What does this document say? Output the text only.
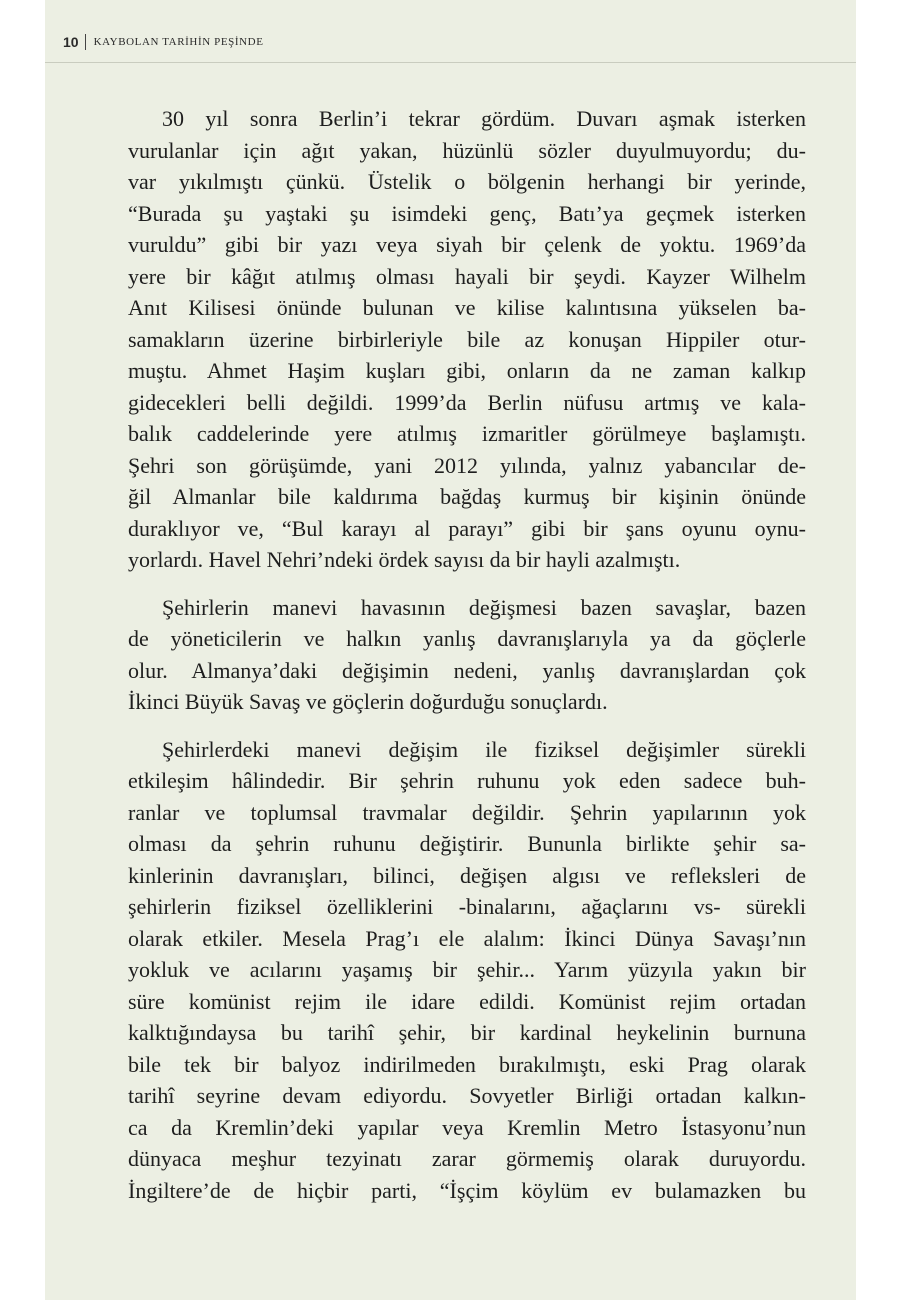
10 KAYBOLAN TARİHİN PEŞİNDE
30 yıl sonra Berlin’i tekrar gördüm. Duvarı aşmak isterken
vurulanlar için ağıt yakan, hüzünlü sözler duyulmuyordu; du-
var yıkılmıştı çünkü. Üstelik o bölgenin herhangi bir yerinde,
“Burada şu yaştaki şu isimdeki genç, Batı’ya geçmek isterken
vuruldu” gibi bir yazı veya siyah bir çelenk de yoktu. 1969’da
yere bir kâğıt atılmış olması hayali bir şeydi. Kayzer Wilhelm
Anıt Kilisesi önünde bulunan ve kilise kalıntısına yükselen ba-
samakların üzerine birbirleriyle bile az konuşan Hippiler otur-
muştu. Ahmet Haşim kuşları gibi, onların da ne zaman kalkıp
gidecekleri belli değildi. 1999’da Berlin nüfusu artmış ve kala-
balık caddelerinde yere atılmış izmaritler görülmeye başlamıştı.
Şehri son görüşümde, yani 2012 yılında, yalnız yabancılar de-
ğil Almanlar bile kaldırıma bağdaş kurmuş bir kişinin önünde
duraklıyor ve, “Bul karayı al parayı” gibi bir şans oyunu oynu-
yorlardı. Havel Nehri’ndeki ördek sayısı da bir hayli azalmıştı.
Şehirlerin manevi havasının değişmesi bazen savaşlar, bazen
de yöneticilerin ve halkın yanlış davranışlarıyla ya da göçlerle
olur. Almanya’daki değişimin nedeni, yanlış davranışlardan çok
İkinci Büyük Savaş ve göçlerin doğurduğu sonuçlardı.
Şehirlerdeki manevi değişim ile fiziksel değişimler sürekli
etkileşim hâlindedir. Bir şehrin ruhunu yok eden sadece buh-
ranlar ve toplumsal travmalar değildir. Şehrin yapılarının yok
olması da şehrin ruhunu değiştirir. Bununla birlikte şehir sa-
kinlerinin davranışları, bilinci, değişen algısı ve refleksleri de
şehirlerin fiziksel özelliklerini -binalarını, ağaçlarını vs- sürekli
olarak etkiler. Mesela Prag’ı ele alalım: İkinci Dünya Savaşı’nın
yokluk ve acılarını yaşamış bir şehir... Yarım yüzyıla yakın bir
süre komünist rejim ile idare edildi. Komünist rejim ortadan
kalktığındaysa bu tarihî şehir, bir kardinal heykelinin burnuna
bile tek bir balyoz indirilmeden bırakılmıştı, eski Prag olarak
tarihî seyrine devam ediyordu. Sovyetler Birliği ortadan kalkın-
ca da Kremlin’deki yapılar veya Kremlin Metro İstasyonu’nun
dünyaca meşhur tezyinatı zarar görmemiş olarak duruyordu.
İngiltere’de de hiçbir parti, “İşçim köylüm ev bulamazken bu
